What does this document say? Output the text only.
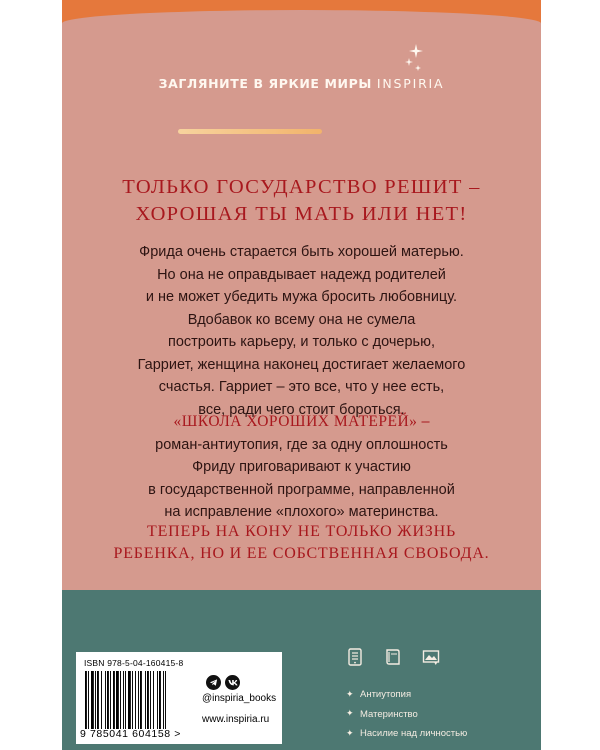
ЗАГЛЯНИТЕ В ЯРКИЕ МИРЫ INSPIRIA
ТОЛЬКО ГОСУДАРСТВО РЕШИТ –
ХОРОШАЯ ТЫ МАТЬ ИЛИ НЕТ!
Фрида очень старается быть хорошей матерью.
Но она не оправдывает надежд родителей
и не может убедить мужа бросить любовницу.
Вдобавок ко всему она не сумела
построить карьеру, и только с дочерью,
Гарриет, женщина наконец достигает желаемого
счастья. Гарриет – это все, что у нее есть,
все, ради чего стоит бороться.
«ШКОЛА ХОРОШИХ МАТЕРЕЙ» –
роман-антиутопия, где за одну оплошность
Фриду приговаривают к участию
в государственной программе, направленной
на исправление «плохого» материнства.
ТЕПЕРЬ НА КОНУ НЕ ТОЛЬКО ЖИЗНЬ
РЕБЕНКА, НО И ЕЕ СОБСТВЕННАЯ СВОБОДА.
ISBN 978-5-04-160415-8
9 785041 604158 >
@inspiria_books
www.inspiria.ru
✦ Антиутопия
✦ Материнство
✦ Насилие над личностью
